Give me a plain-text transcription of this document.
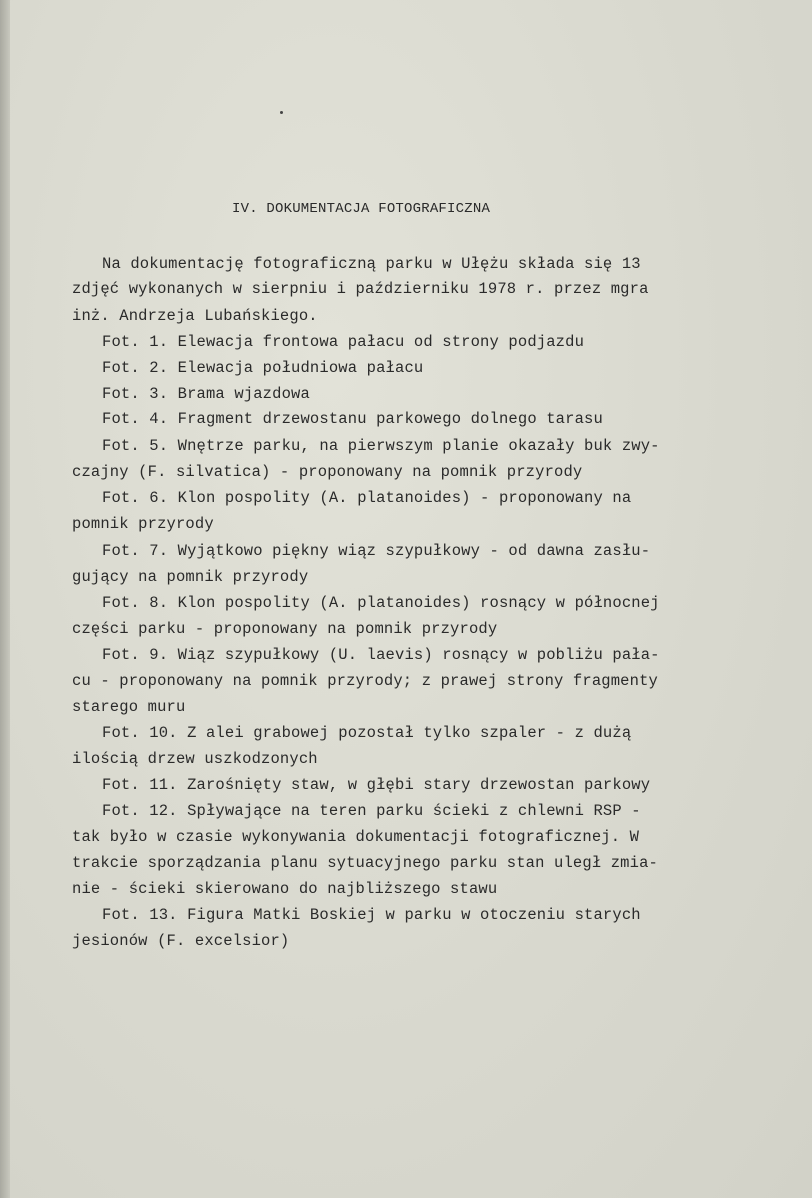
IV. DOKUMENTACJA FOTOGRAFICZNA
Na dokumentację fotograficzną parku w Ułężu składa się 13
zdjęć wykonanych w sierpniu i październiku 1978 r. przez mgra
inż. Andrzeja Lubańskiego.
Fot. 1. Elewacja frontowa pałacu od strony podjazdu
Fot. 2. Elewacja południowa pałacu
Fot. 3. Brama wjazdowa
Fot. 4. Fragment drzewostanu parkowego dolnego tarasu
Fot. 5. Wnętrze parku, na pierwszym planie okazały buk zwy-
czajny (F. silvatica) - proponowany na pomnik przyrody
Fot. 6. Klon pospolity (A. platanoides) - proponowany na
pomnik przyrody
Fot. 7. Wyjątkowo piękny wiąz szypułkowy - od dawna zasłu-
gujący na pomnik przyrody
Fot. 8. Klon pospolity (A. platanoides) rosnący w północnej
części parku - proponowany na pomnik przyrody
Fot. 9. Wiąz szypułkowy (U. laevis) rosnący w pobliżu pała-
cu - proponowany na pomnik przyrody; z prawej strony fragmenty
starego muru
Fot. 10. Z alei grabowej pozostał tylko szpaler - z dużą
ilością drzew uszkodzonych
Fot. 11. Zarośnięty staw, w głębi stary drzewostan parkowy
Fot. 12. Spływające na teren parku ścieki z chlewni RSP -
tak było w czasie wykonywania dokumentacji fotograficznej. W
trakcie sporządzania planu sytuacyjnego parku stan uległ zmia-
nie - ścieki skierowano do najbliższego stawu
Fot. 13. Figura Matki Boskiej w parku w otoczeniu starych
jesionów (F. excelsior)
